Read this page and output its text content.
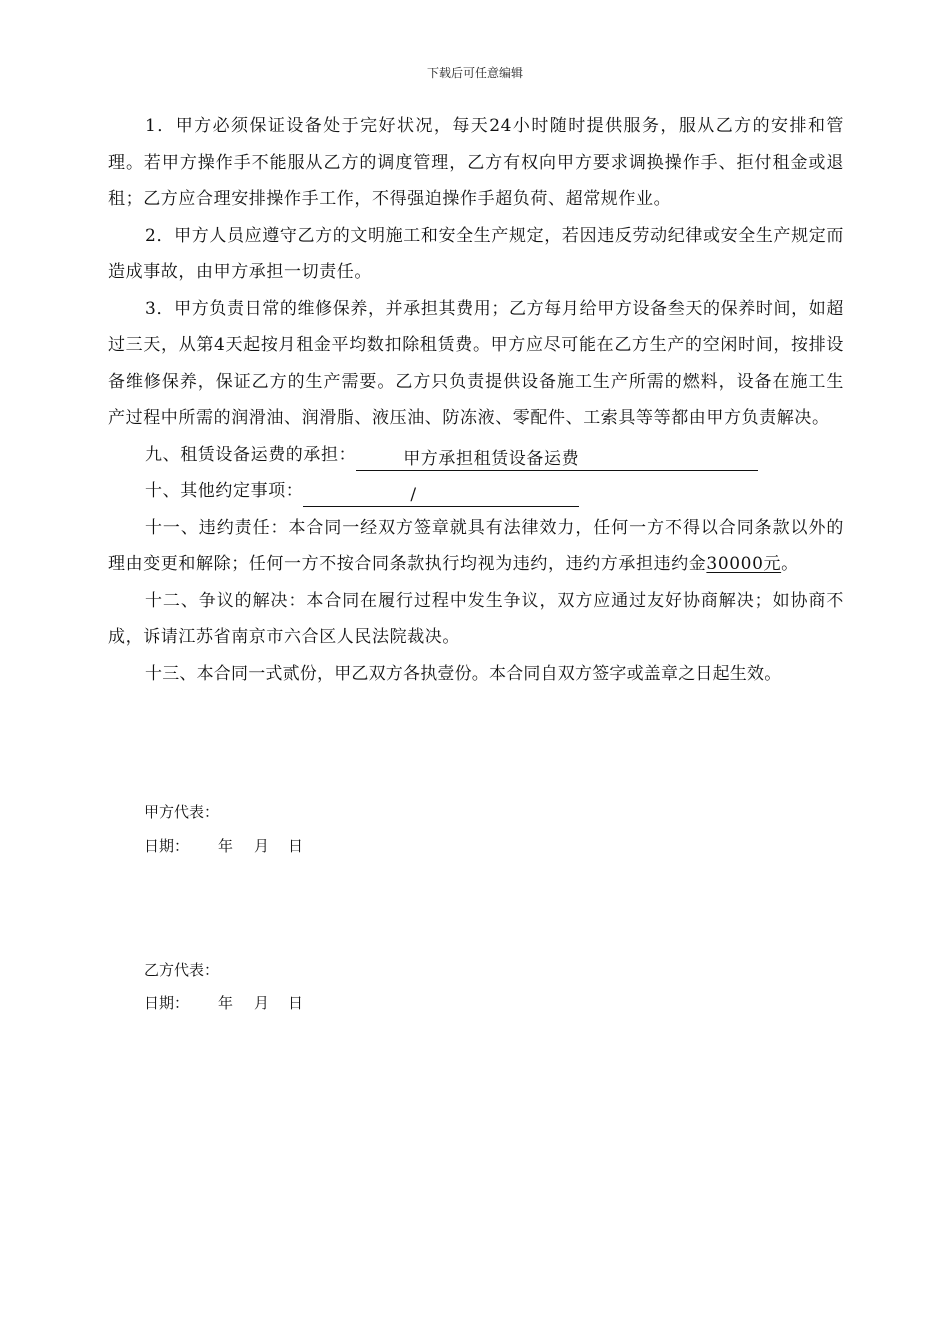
下载后可任意编辑

1．甲方必须保证设备处于完好状况，每天24小时随时提供服务，服从乙方的安排和管理。若甲方操作手不能服从乙方的调度管理，乙方有权向甲方要求调换操作手、拒付租金或退租；乙方应合理安排操作手工作，不得强迫操作手超负荷、超常规作业。

2．甲方人员应遵守乙方的文明施工和安全生产规定，若因违反劳动纪律或安全生产规定而造成事故，由甲方承担一切责任。

3．甲方负责日常的维修保养，并承担其费用；乙方每月给甲方设备叁天的保养时间，如超过三天，从第4天起按月租金平均数扣除租赁费。甲方应尽可能在乙方生产的空闲时间，按排设备维修保养，保证乙方的生产需要。乙方只负责提供设备施工生产所需的燃料，设备在施工生产过程中所需的润滑油、润滑脂、液压油、防冻液、零配件、工索具等等都由甲方负责解决。

九、租赁设备运费的承担：	甲方承担租赁设备运费

十、其他约定事项：	/

十一、违约责任：本合同一经双方签章就具有法律效力，任何一方不得以合同条款以外的理由变更和解除；任何一方不按合同条款执行均视为违约，违约方承担违约金30000元。

十二、争议的解决：本合同在履行过程中发生争议，双方应通过友好协商解决；如协商不成，诉请江苏省南京市六合区人民法院裁决。

十三、本合同一式贰份，甲乙双方各执壹份。本合同自双方签字或盖章之日起生效。

甲方代表：
日期： 年 月 日
乙方代表：
日期： 年 月 日
